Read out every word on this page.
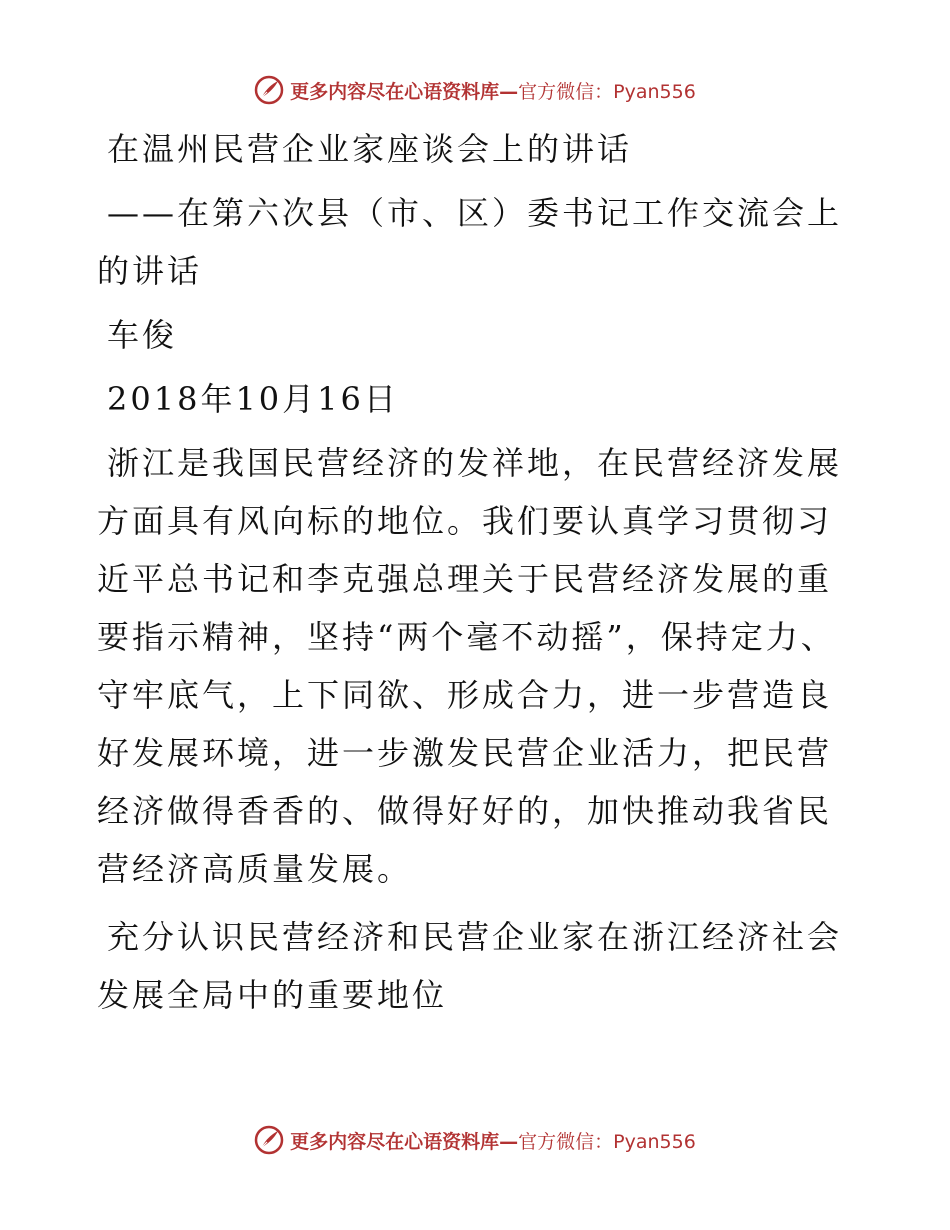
更多内容尽在心语资料库— 官方微信：Pyan556

在温州民营企业家座谈会上的讲话

——在第六次县（市、区）委书记工作交流会上的讲话

车俊

2018年10月16日

浙江是我国民营经济的发祥地，在民营经济发展方面具有风向标的地位。我们要认真学习贯彻习近平总书记和李克强总理关于民营经济发展的重要指示精神，坚持“两个毫不动摇”，保持定力、守牢底气，上下同欲、形成合力，进一步营造良好发展环境，进一步激发民营企业活力，把民营经济做得香香的、做得好好的，加快推动我省民营经济高质量发展。

充分认识民营经济和民营企业家在浙江经济社会发展全局中的重要地位

更多内容尽在心语资料库— 官方微信：Pyan556
